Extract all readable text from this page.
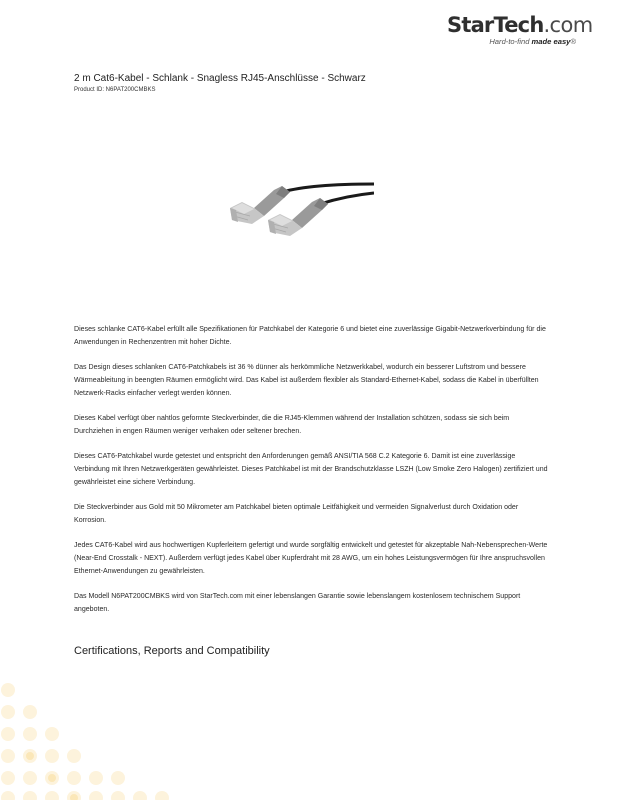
StarTech.com
Hard-to-find made easy®
2 m Cat6-Kabel - Schlank - Snagless RJ45-Anschlüsse - Schwarz
Product ID: N6PAT200CMBKS

Dieses schlanke CAT6-Kabel erfüllt alle Spezifikationen für Patchkabel der Kategorie 6 und bietet eine zuverlässige Gigabit-Netzwerkverbindung für die Anwendungen in Rechenzentren mit hoher Dichte.

Das Design dieses schlanken CAT6-Patchkabels ist 36 % dünner als herkömmliche Netzwerkkabel, wodurch ein besserer Luftstrom und bessere Wärmeableitung in beengten Räumen ermöglicht wird. Das Kabel ist außerdem flexibler als Standard-Ethernet-Kabel, sodass die Kabel in überfüllten Netzwerk-Racks einfacher verlegt werden können.

Dieses Kabel verfügt über nahtlos geformte Steckverbinder, die die RJ45-Klemmen während der Installation schützen, sodass sie sich beim Durchziehen in engen Räumen weniger verhaken oder seltener brechen.

Dieses CAT6-Patchkabel wurde getestet und entspricht den Anforderungen gemäß ANSI/TIA 568 C.2 Kategorie 6. Damit ist eine zuverlässige Verbindung mit Ihren Netzwerkgeräten gewährleistet. Dieses Patchkabel ist mit der Brandschutzklasse LSZH (Low Smoke Zero Halogen) zertifiziert und gewährleistet eine sichere Verbindung.

Die Steckverbinder aus Gold mit 50 Mikrometer am Patchkabel bieten optimale Leitfähigkeit und vermeiden Signalverlust durch Oxidation oder Korrosion.

Jedes CAT6-Kabel wird aus hochwertigen Kupferleitern gefertigt und wurde sorgfältig entwickelt und getestet für akzeptable Nah-Nebensprechen-Werte (Near-End Crosstalk - NEXT). Außerdem verfügt jedes Kabel über Kupferdraht mit 28 AWG, um ein hohes Leistungsvermögen für Ihre anspruchsvollen Ethernet-Anwendungen zu gewährleisten.

Das Modell N6PAT200CMBKS wird von StarTech.com mit einer lebenslangen Garantie sowie lebenslangem kostenlosem technischem Support angeboten.

Certifications, Reports and Compatibility
